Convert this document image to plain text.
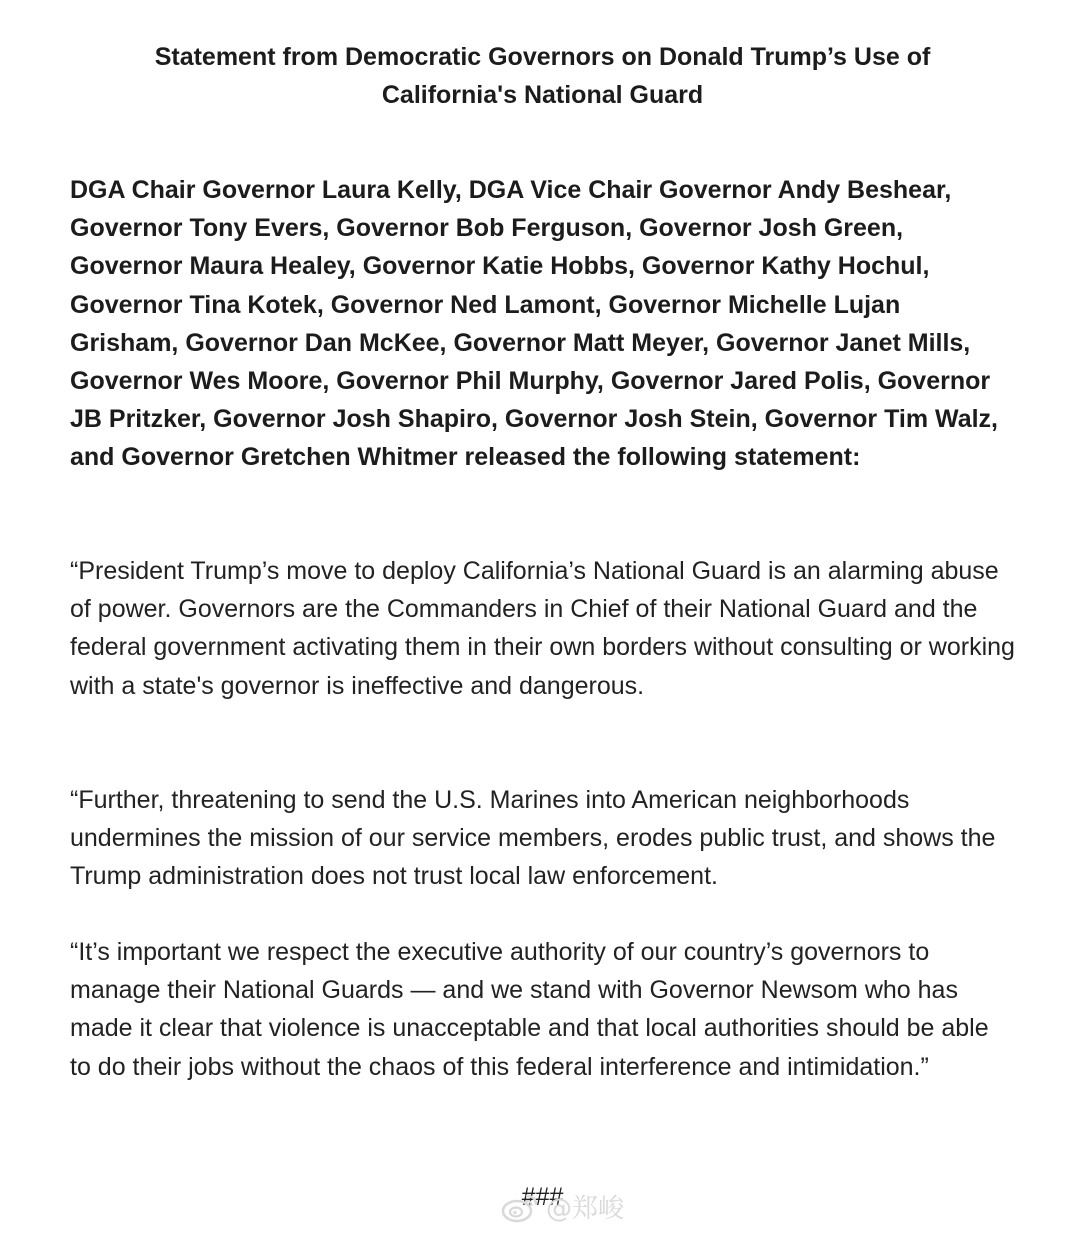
Statement from Democratic Governors on Donald Trump’s Use of California's National Guard

DGA Chair Governor Laura Kelly, DGA Vice Chair Governor Andy Beshear, Governor Tony Evers, Governor Bob Ferguson, Governor Josh Green, Governor Maura Healey, Governor Katie Hobbs, Governor Kathy Hochul, Governor Tina Kotek, Governor Ned Lamont, Governor Michelle Lujan Grisham, Governor Dan McKee, Governor Matt Meyer, Governor Janet Mills, Governor Wes Moore, Governor Phil Murphy, Governor Jared Polis, Governor JB Pritzker, Governor Josh Shapiro, Governor Josh Stein, Governor Tim Walz, and Governor Gretchen Whitmer released the following statement:

“President Trump’s move to deploy California’s National Guard is an alarming abuse of power. Governors are the Commanders in Chief of their National Guard and the federal government activating them in their own borders without consulting or working with a state's governor is ineffective and dangerous.

“Further, threatening to send the U.S. Marines into American neighborhoods undermines the mission of our service members, erodes public trust, and shows the Trump administration does not trust local law enforcement.

“It’s important we respect the executive authority of our country’s governors to manage their National Guards — and we stand with Governor Newsom who has made it clear that violence is unacceptable and that local authorities should be able to do their jobs without the chaos of this federal interference and intimidation.”

###
@郑峻
